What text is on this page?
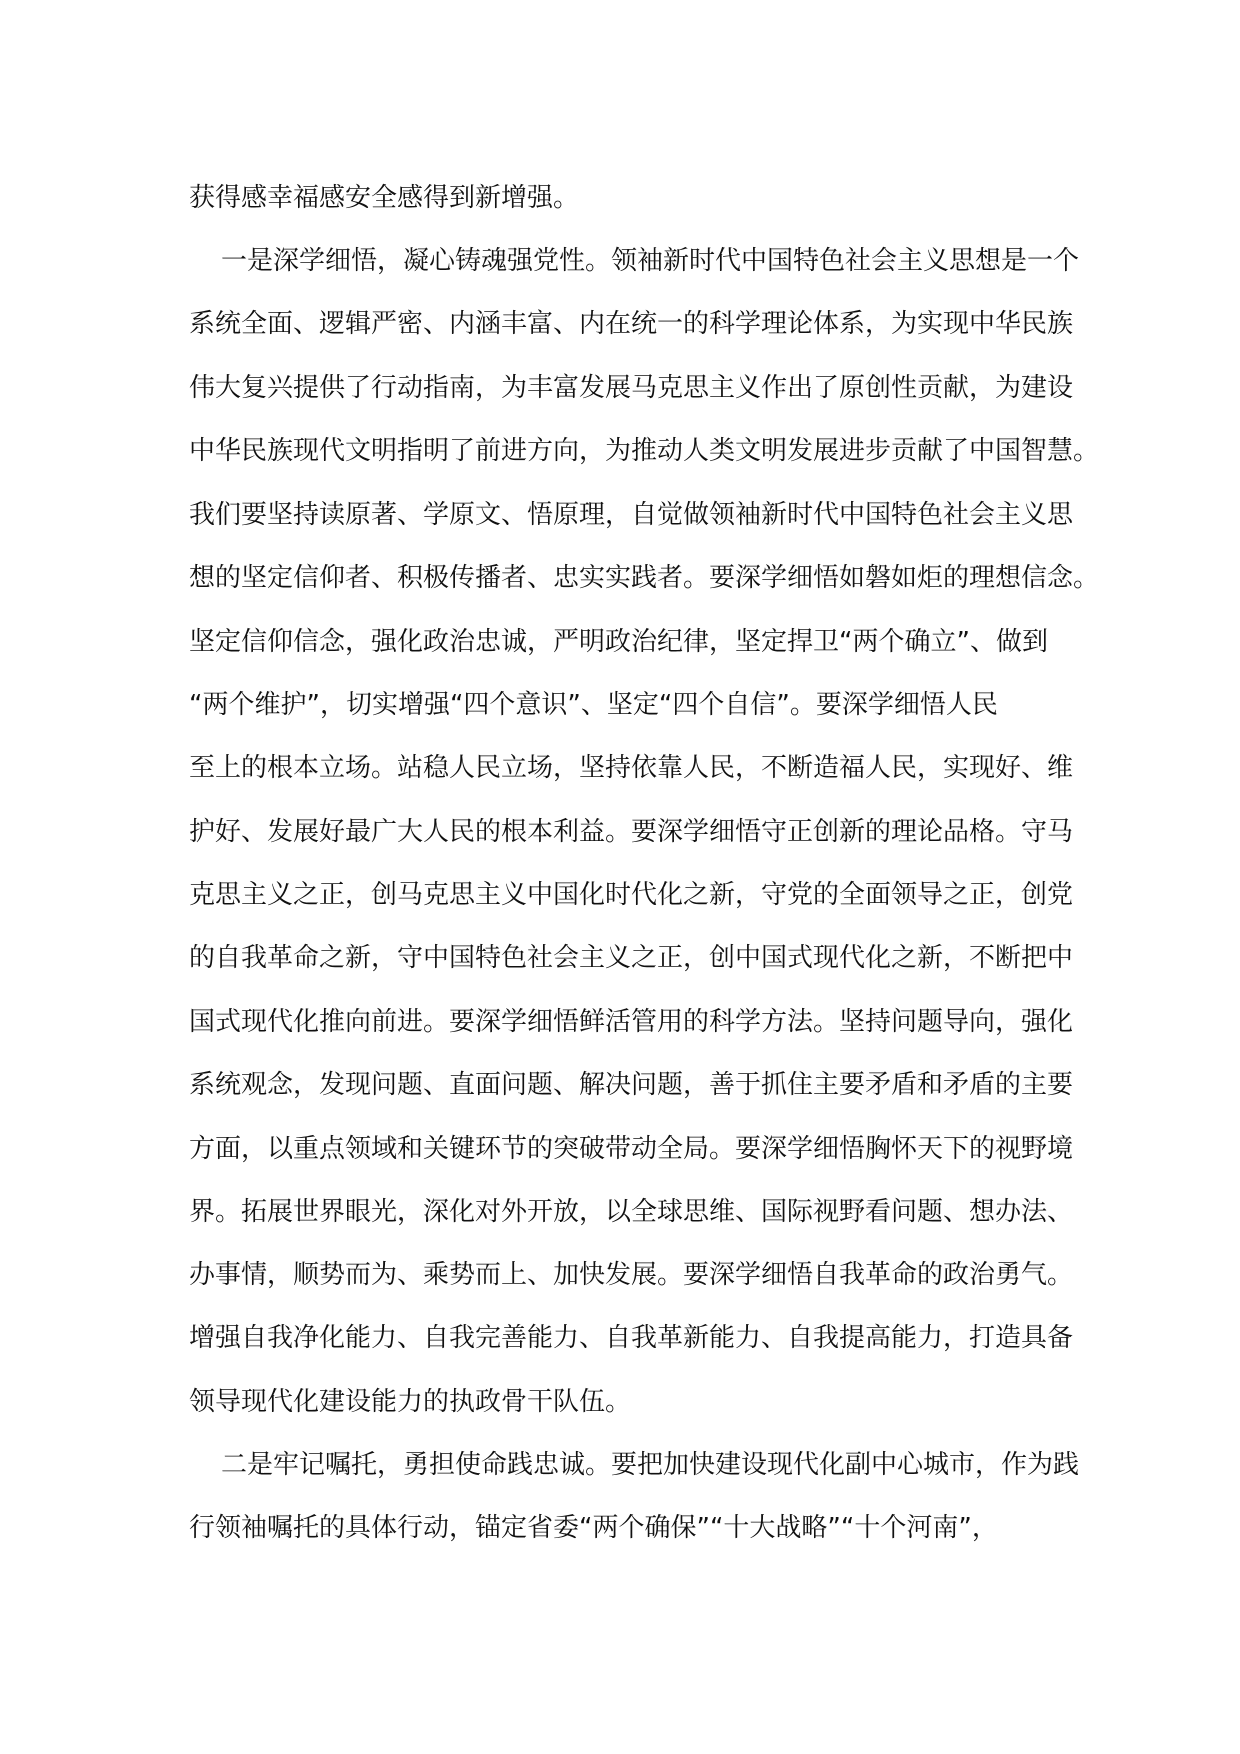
获得感幸福感安全感得到新增强。

一是深学细悟，凝心铸魂强党性。领袖新时代中国特色社会主义思想是一个

系统全面、逻辑严密、内涵丰富、内在统一的科学理论体系，为实现中华民族

伟大复兴提供了行动指南，为丰富发展马克思主义作出了原创性贡献，为建设

中华民族现代文明指明了前进方向，为推动人类文明发展进步贡献了中国智慧。

我们要坚持读原著、学原文、悟原理，自觉做领袖新时代中国特色社会主义思

想的坚定信仰者、积极传播者、忠实实践者。要深学细悟如磐如炬的理想信念。

坚定信仰信念，强化政治忠诚，严明政治纪律，坚定捍卫“两个确立”、做到

“两个维护”，切实增强“四个意识”、坚定“四个自信”。要深学细悟人民

至上的根本立场。站稳人民立场，坚持依靠人民，不断造福人民，实现好、维

护好、发展好最广大人民的根本利益。要深学细悟守正创新的理论品格。守马

克思主义之正，创马克思主义中国化时代化之新，守党的全面领导之正，创党

的自我革命之新，守中国特色社会主义之正，创中国式现代化之新，不断把中

国式现代化推向前进。要深学细悟鲜活管用的科学方法。坚持问题导向，强化

系统观念，发现问题、直面问题、解决问题，善于抓住主要矛盾和矛盾的主要

方面，以重点领域和关键环节的突破带动全局。要深学细悟胸怀天下的视野境

界。拓展世界眼光，深化对外开放，以全球思维、国际视野看问题、想办法、

办事情，顺势而为、乘势而上、加快发展。要深学细悟自我革命的政治勇气。

增强自我净化能力、自我完善能力、自我革新能力、自我提高能力，打造具备

领导现代化建设能力的执政骨干队伍。

二是牢记嘱托，勇担使命践忠诚。要把加快建设现代化副中心城市，作为践

行领袖嘱托的具体行动，锚定省委“两个确保”“十大战略”“十个河南”，
